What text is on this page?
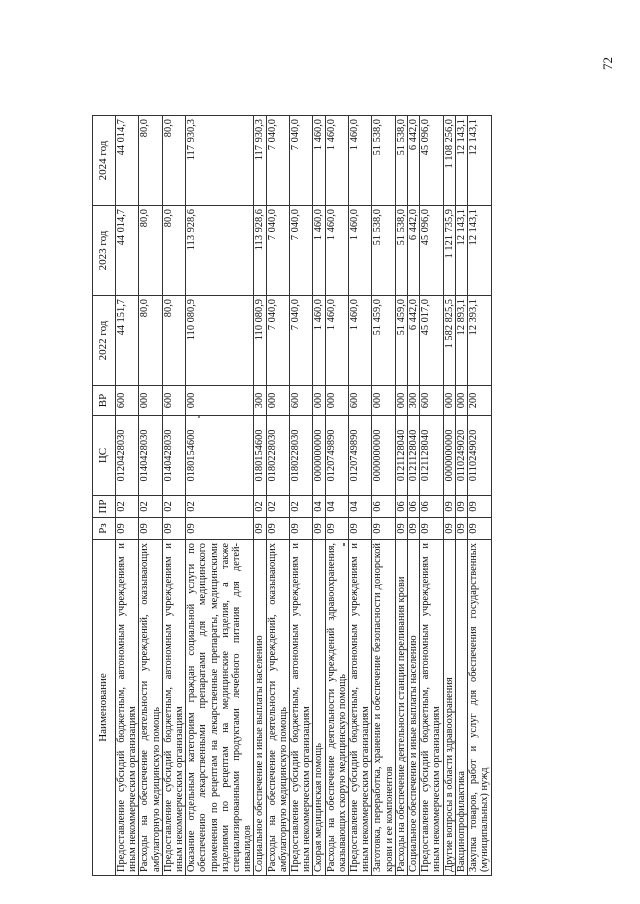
72
Наименование	Рз	ПР	ЦС	ВР	2022 год	2023 год	2024 год
Предоставление субсидий бюджетным, автономным учреждениям и иным некоммерческим организациям	09	02	0120428030	600	44 151,7	44 014,7	44 014,7
Расходы на обеспечение деятельности учреждений, оказывающих амбулаторную медицинскую помощь	09	02	0140428030	000	80,0	80,0	80,0
Предоставление субсидий бюджетным, автономным учреждениям и иным некоммерческим организациям	09	02	0140428030	600	80,0	80,0	80,0
Оказание отдельным категориям граждан социальной услуги по обеспечению лекарственными препаратами для медицинского применения по рецептам на лекарственные препараты, медицинскими изделиями по рецептам на медицинские изделия, а также специализированными продуктами лечебного питания для детей-инвалидов	09	02	0180154600	000	110 080,9	113 928,6	117 930,3
Социальное обеспечение и иные выплаты населению	09	02	0180154600	300	110 080,9	113 928,6	117 930,3
Расходы на обеспечение деятельности учреждений, оказывающих амбулаторную медицинскую помощь	09	02	0180228030	000	7 040,0	7 040,0	7 040,0
Предоставление субсидий бюджетным, автономным учреждениям и иным некоммерческим организациям	09	02	0180228030	600	7 040,0	7 040,0	7 040,0
Скорая медицинская помощь	09	04	0000000000	000	1 460,0	1 460,0	1 460,0
Расходы на обеспечение деятельности учреждений здравоохранения, оказывающих скорую медицинскую помощь	09	04	0120749890	000	1 460,0	1 460,0	1 460,0
Предоставление субсидий бюджетным, автономным учреждениям и иным некоммерческим организациям	09	04	0120749890	600	1 460,0	1 460,0	1 460,0
Заготовка, переработка, хранение и обеспечение безопасности донорской крови и ее компонентов	09	06	0000000000	000	51 459,0	51 538,0	51 538,0
Расходы на обеспечение деятельности станции переливания крови	09	06	0121128040	000	51 459,0	51 538,0	51 538,0
Социальное обеспечение и иные выплаты населению	09	06	0121128040	300	6 442,0	6 442,0	6 442,0
Предоставление субсидий бюджетным, автономным учреждениям и иным некоммерческим организациям	09	06	0121128040	600	45 017,0	45 096,0	45 096,0
Другие вопросы в области здравоохранения	09	09	0000000000	000	1 582 825,5	1 121 735,9	1 108 256,0
Вакцинопрофилактика	09	09	0110249020	000	12 893,1	12 143,1	12 143,1
Закупка товаров, работ и услуг для обеспечения государственных (муниципальных) нужд	09	09	0110249020	200	12 393,1	12 143,1	12 143,1
